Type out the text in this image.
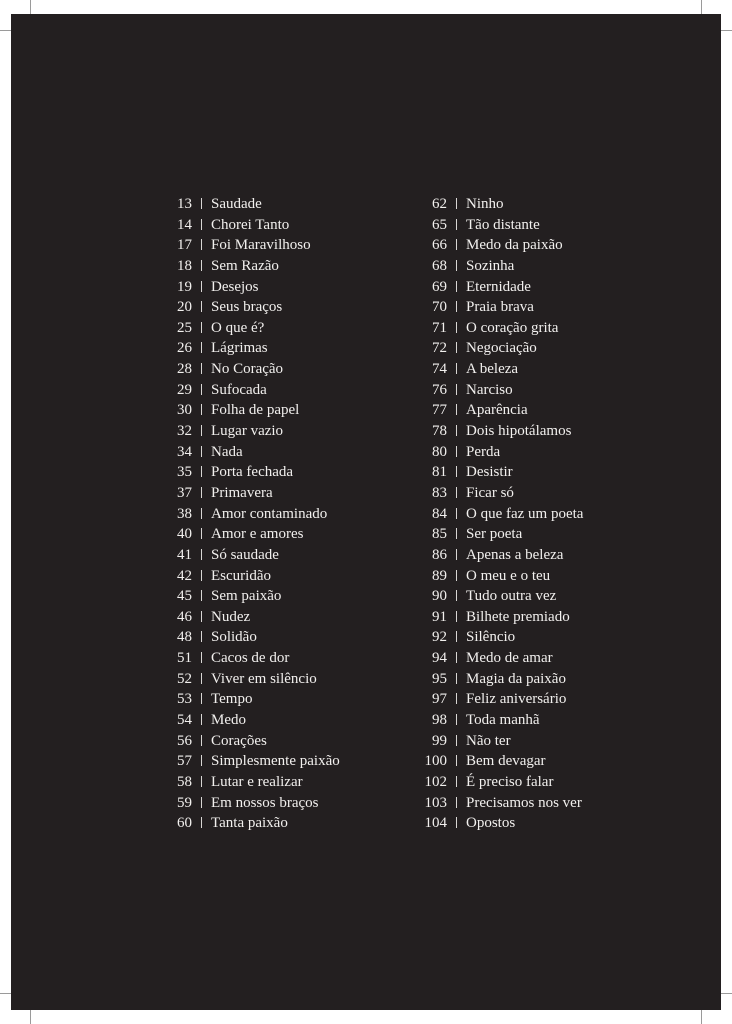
13 Saudade
14 Chorei Tanto
17 Foi Maravilhoso
18 Sem Razão
19 Desejos
20 Seus braços
25 O que é?
26 Lágrimas
28 No Coração
29 Sufocada
30 Folha de papel
32 Lugar vazio
34 Nada
35 Porta fechada
37 Primavera
38 Amor contaminado
40 Amor e amores
41 Só saudade
42 Escuridão
45 Sem paixão
46 Nudez
48 Solidão
51 Cacos de dor
52 Viver em silêncio
53 Tempo
54 Medo
56 Corações
57 Simplesmente paixão
58 Lutar e realizar
59 Em nossos braços
60 Tanta paixão
62 Ninho
65 Tão distante
66 Medo da paixão
68 Sozinha
69 Eternidade
70 Praia brava
71 O coração grita
72 Negociação
74 A beleza
76 Narciso
77 Aparência
78 Dois hipotálamos
80 Perda
81 Desistir
83 Ficar só
84 O que faz um poeta
85 Ser poeta
86 Apenas a beleza
89 O meu e o teu
90 Tudo outra vez
91 Bilhete premiado
92 Silêncio
94 Medo de amar
95 Magia da paixão
97 Feliz aniversário
98 Toda manhã
99 Não ter
100 Bem devagar
102 É preciso falar
103 Precisamos nos ver
104 Opostos
